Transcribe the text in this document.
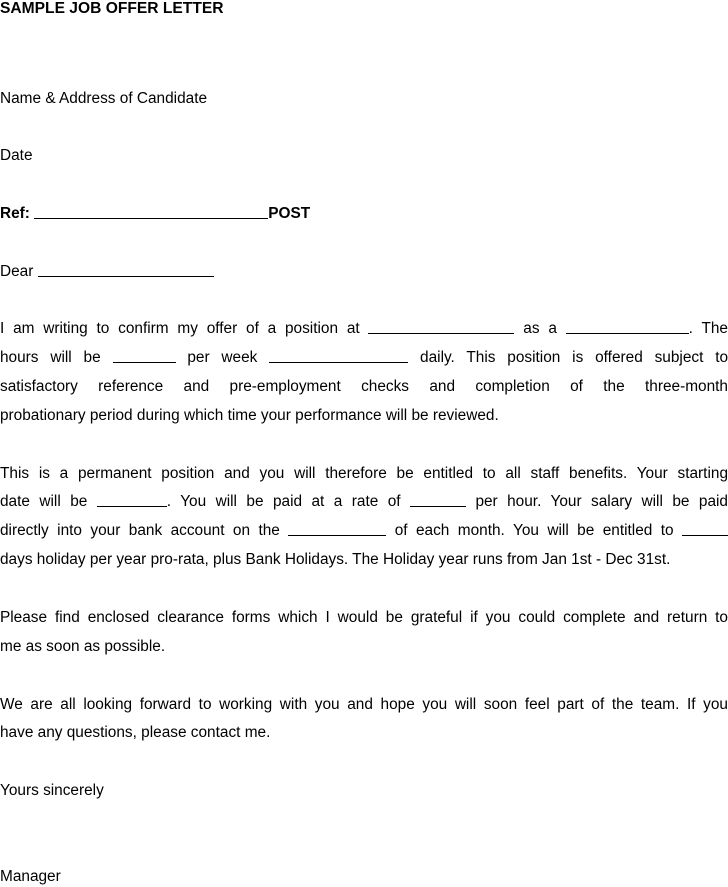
SAMPLE JOB OFFER LETTER
Name & Address of Candidate
Date
Ref:	POST
Dear
I am writing to confirm my offer of a position at	as a	. The
hours will be	per week	daily. This position is offered subject to
satisfactory reference and pre-employment checks and completion of the three-month
probationary period during which time your performance will be reviewed.
This is a permanent position and you will therefore be entitled to all staff benefits. Your starting
date will be	. You will be paid at a rate of	per hour. Your salary will be paid
directly into your bank account on the	of each month. You will be entitled to
days holiday per year pro-rata, plus Bank Holidays. The Holiday year runs from Jan 1st - Dec 31st.
Please find enclosed clearance forms which I would be grateful if you could complete and return to
me as soon as possible.
We are all looking forward to working with you and hope you will soon feel part of the team. If you
have any questions, please contact me.
Yours sincerely
Manager
